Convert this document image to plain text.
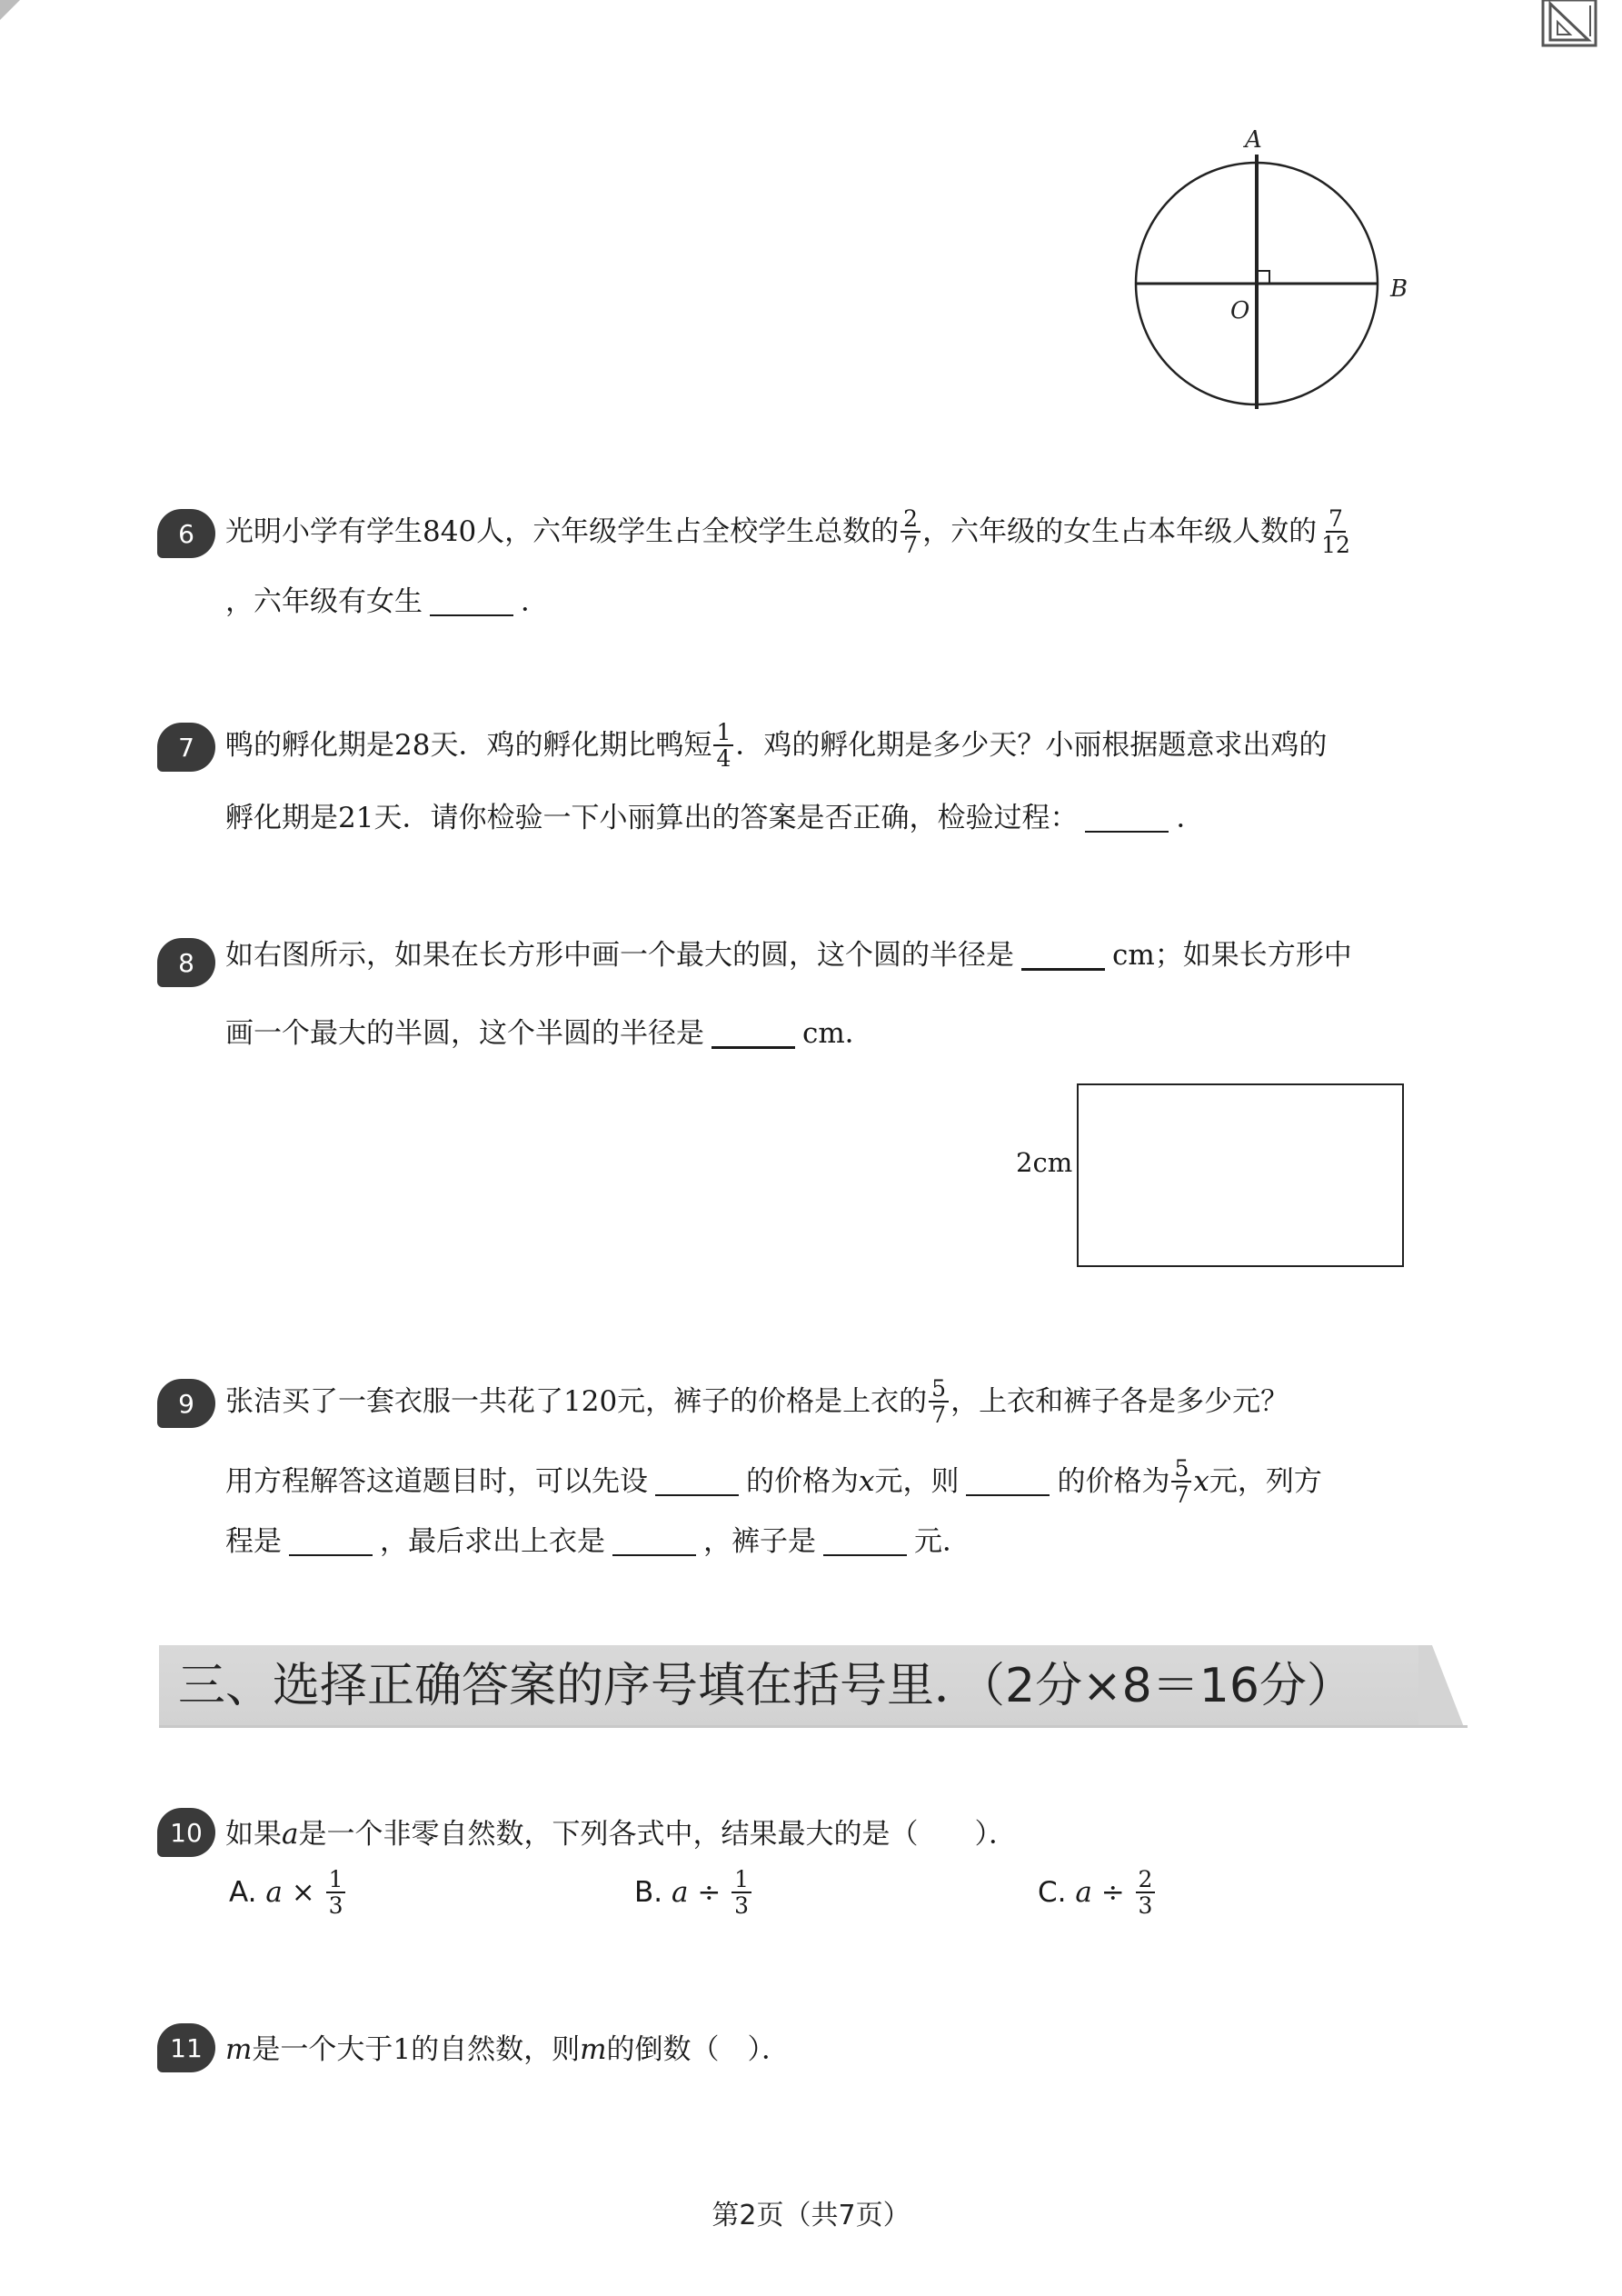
A
B
O
6	光明小学有学生 840 人，六年级学生占全校学生总数的 $\frac{2}{7}$ ，六年级的女生占本年级人数的 $\frac{7}{12}$
，六年级有女生	．
7	鸭的孵化期是 28 天．鸡的孵化期比鸭短 $\frac{1}{4}$ ．鸡的孵化期是多少天？小丽根据题意求出鸡的
孵化期是 21 天．请你检验一下小丽算出的答案是否正确，检验过程：	．
8	如右图所示，如果在长方形中画一个最大的圆，这个圆的半径是	cm ；如果长方形中
画一个最大的半圆，这个半圆的半径是	cm ．
2cm
9	张洁买了一套衣服一共花了 120 元，裤子的价格是上衣的 $\frac{5}{7}$ ，上衣和裤子各是多少元？
用方程解答这道题目时，可以先设	的价格为 x 元，则	的价格为 $\frac{5}{7}$ x 元，列方
程是	，最后求出上衣是	，裤子是	元．
三、选择正确答案的序号填在括号里．（2分×8＝16分）
10 如果 a 是一个非零自然数，下列各式中，结果最大的是（　　）．
A.
a
×
$\frac{1}{3}$	B.
a
÷
$\frac{1}{3}$	C.
a
÷
$\frac{2}{3}$
11 m 是一个大于 1 的自然数，则 m 的倒数（　）．
第2页（共7页）
